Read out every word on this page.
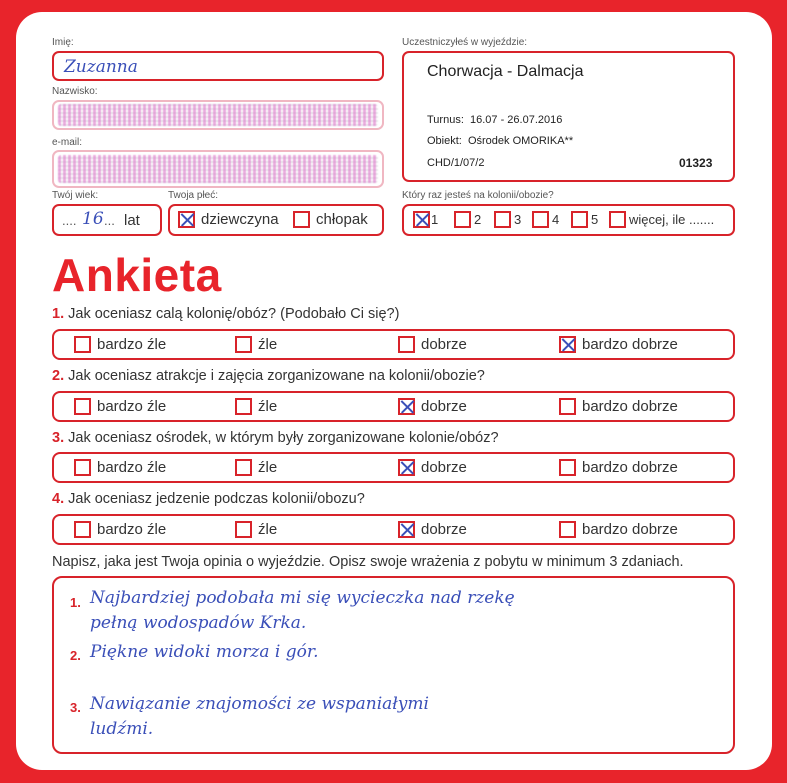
Imię:
Zuzanna
Nazwisko:
e-mail:
Twój wiek:
.... 16 ... lat
Twoja płeć:
dziewczyna	chłopak
Uczestniczyłeś w wyjeździe:
Chorwacja - Dalmacja
Turnus:  16.07 - 26.07.2016
Obiekt:  Ośrodek OMORIKA**
CHD/1/07/2	01323
Który raz jesteś na kolonii/obozie?
1	2	3	4	5	więcej, ile .......
Ankieta
1. Jak oceniasz calą kolonię/obóz? (Podobało Ci się?)
bardzo źle	źle	dobrze	bardzo dobrze
2. Jak oceniasz atrakcje i zajęcia zorganizowane na kolonii/obozie?
bardzo źle	źle	dobrze	bardzo dobrze
3. Jak oceniasz ośrodek, w którym były zorganizowane kolonie/obóz?
bardzo źle	źle	dobrze	bardzo dobrze
4. Jak oceniasz jedzenie podczas kolonii/obozu?
bardzo źle	źle	dobrze	bardzo dobrze
Napisz, jaka jest Twoja opinia o wyjeździe. Opisz swoje wrażenia z pobytu w minimum 3 zdaniach.
1. Najbardziej podobała mi się wycieczka nad rzekę
pełną wodospadów Krka.
2. Piękne widoki morza i gór.
3. Nawiązanie znajomości ze wspaniałymi
ludźmi.
